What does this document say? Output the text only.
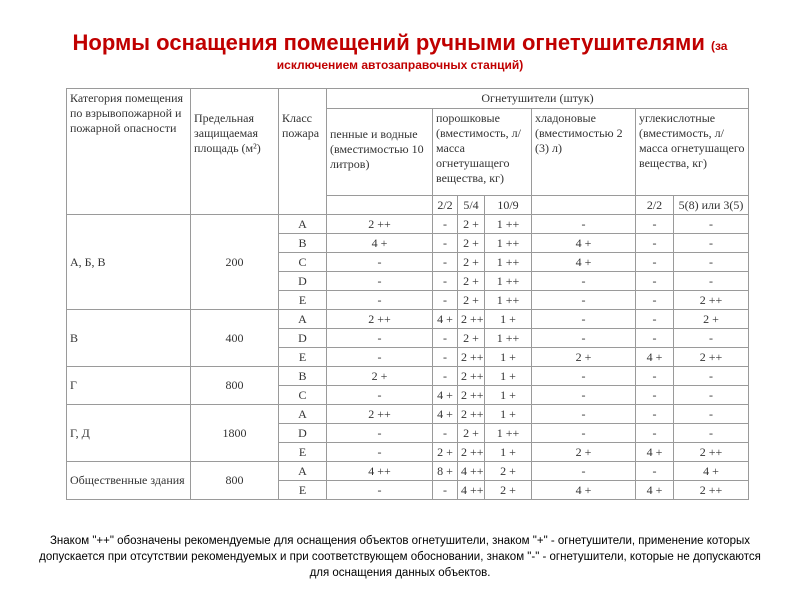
Нормы оснащения помещений ручными огнетушителями (за
исключением автозаправочных станций)
Категория помещения по взрывопожарной и пожарной опасности	Предельная защищаемая площадь (м²)	Класс пожара	Огнетушители (штук)						
			пенные и водные (вместимостью 10 литров)	порошковые (вместимость, л/ масса огнетушащего вещества, кг)			хладоновые (вместимостью 2 (3) л)	углекислотные (вместимость, л/ масса огнетушащего вещества, кг)	
				2/2	5/4	10/9		2/2	5(8) или 3(5)
А, Б, В	200	A	2 ++	-	2 +	1 ++	-	-	-
		B	4 +	-	2 +	1 ++	4 +	-	-
		C	-	-	2 +	1 ++	4 +	-	-
		D	-	-	2 +	1 ++	-	-	-
		E	-	-	2 +	1 ++	-	-	2 ++
В	400	A	2 ++	4 +	2 ++	1 +	-	-	2 +
		D	-	-	2 +	1 ++	-	-	-
		E	-	-	2 ++	1 +	2 +	4 +	2 ++
Г	800	B	2 +	-	2 ++	1 +	-	-	-
		C	-	4 +	2 ++	1 +	-	-	-
Г, Д	1800	A	2 ++	4 +	2 ++	1 +	-	-	-
		D	-	-	2 +	1 ++	-	-	-
		E	-	2 +	2 ++	1 +	2 +	4 +	2 ++
Общественные здания	800	A	4 ++	8 +	4 ++	2 +	-	-	4 +
		E	-	-	4 ++	2 +	4 +	4 +	2 ++
Знаком "++" обозначены рекомендуемые для оснащения объектов огнетушители, знаком "+" - огнетушители, применение которых допускается при отсутствии рекомендуемых и при соответствующем обосновании, знаком "-" - огнетушители, которые не допускаются для оснащения данных объектов.
